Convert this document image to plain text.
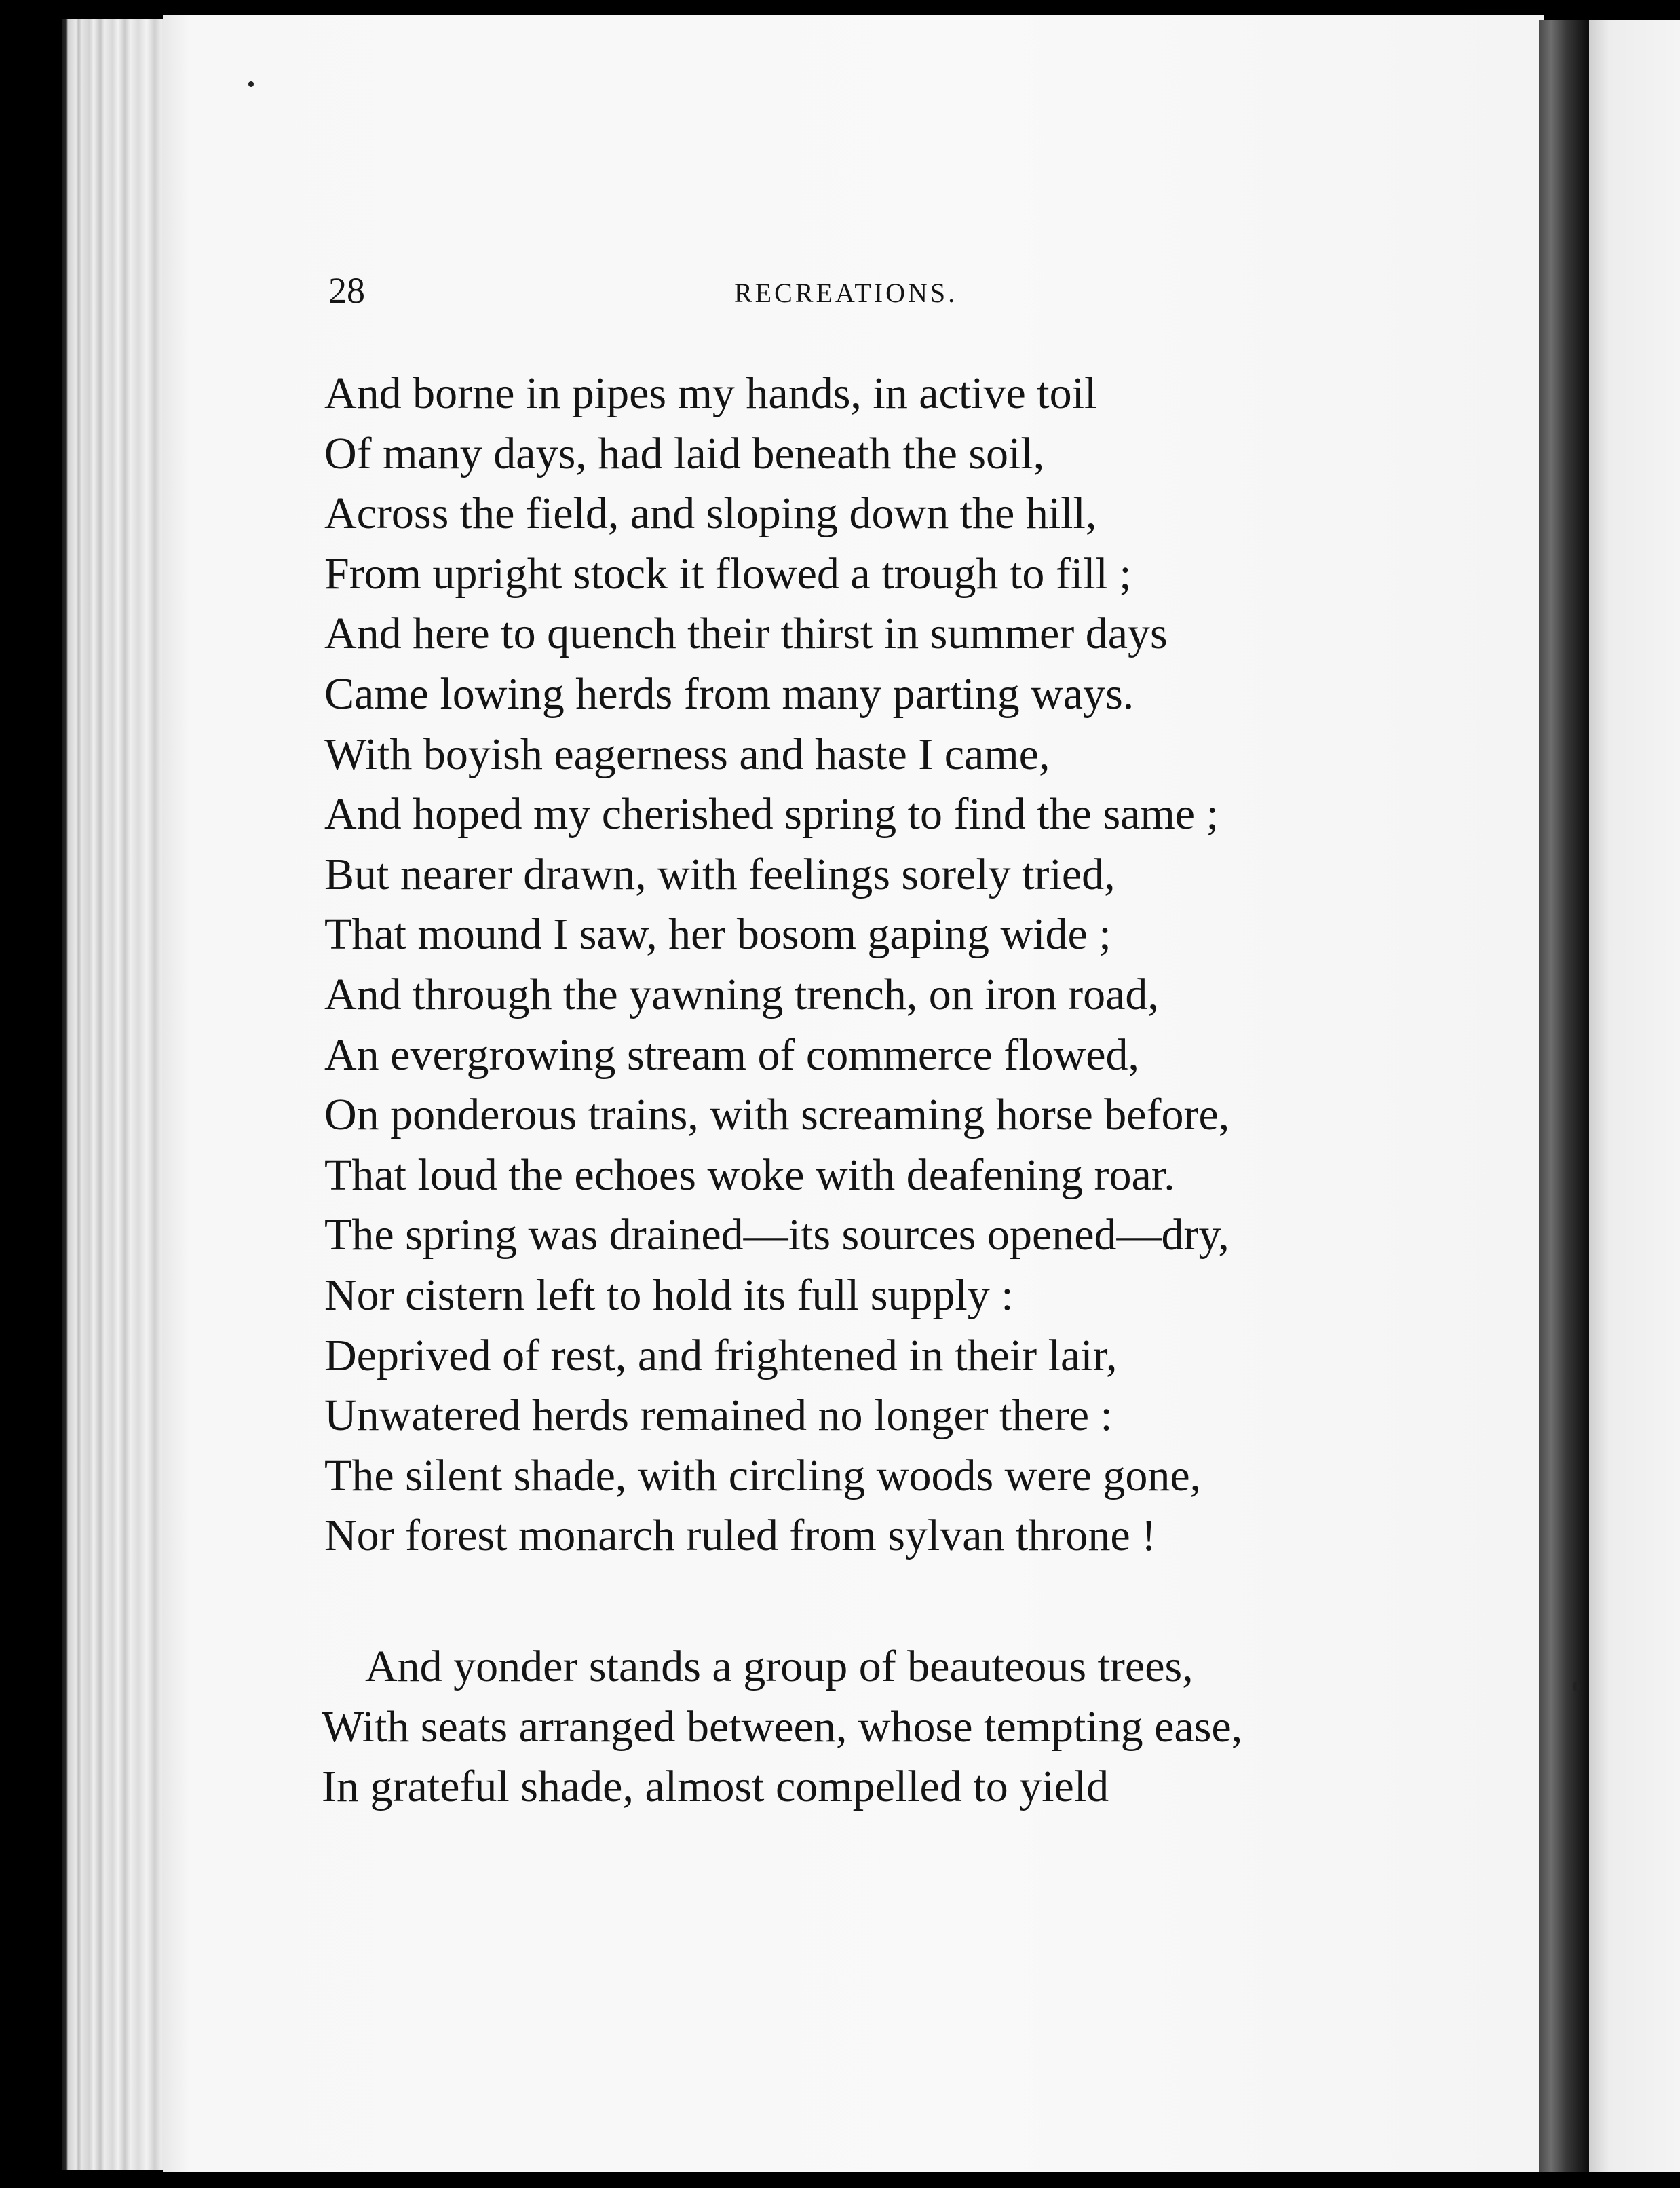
28	RECREATIONS.

And borne in pipes my hands, in active toil
Of many days, had laid beneath the soil,
Across the field, and sloping down the hill,
From upright stock it flowed a trough to fill ;
And here to quench their thirst in summer days
Came lowing herds from many parting ways.
With boyish eagerness and haste I came,
And hoped my cherished spring to find the same ;
But nearer drawn, with feelings sorely tried,
That mound I saw, her bosom gaping wide ;
And through the yawning trench, on iron road,
An evergrowing stream of commerce flowed,
On ponderous trains, with screaming horse before,
That loud the echoes woke with deafening roar.
The spring was drained—its sources opened—dry,
Nor cistern left to hold its full supply :
Deprived of rest, and frightened in their lair,
Unwatered herds remained no longer there :
The silent shade, with circling woods were gone,
Nor forest monarch ruled from sylvan throne !
And yonder stands a group of beauteous trees,
With seats arranged between, whose tempting ease,
In grateful shade, almost compelled to yield
